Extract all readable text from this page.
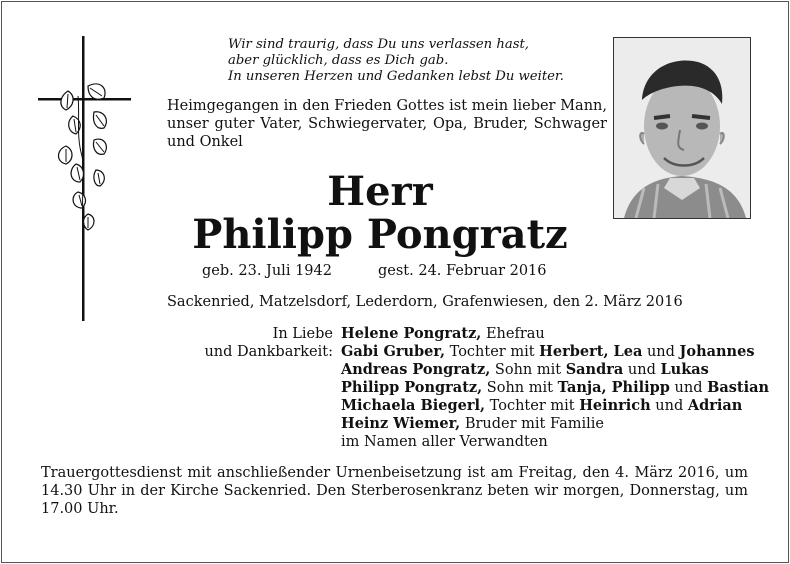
Wir sind traurig, dass Du uns verlassen hast,
aber glücklich, dass es Dich gab.
In unseren Herzen und Gedanken lebst Du weiter.
Heimgegangen in den Frieden Gottes ist mein lieber Mann, unser guter Vater, Schwiegervater, Opa, Bruder, Schwager und Onkel
Herr
Philipp Pongratz
geb. 23. Juli 1942	gest. 24. Februar 2016
Sackenried, Matzelsdorf, Lederdorn, Grafenwiesen, den 2. März 2016
In Liebe
und Dankbarkeit:
Helene Pongratz, Ehefrau
Gabi Gruber, Tochter mit Herbert, Lea und Johannes
Andreas Pongratz, Sohn mit Sandra und Lukas
Philipp Pongratz, Sohn mit Tanja, Philipp und Bastian
Michaela Biegerl, Tochter mit Heinrich und Adrian
Heinz Wiemer, Bruder mit Familie
im Namen aller Verwandten
Trauergottesdienst mit anschließender Urnenbeisetzung ist am Freitag, den 4. März 2016, um 14.30 Uhr in der Kirche Sackenried. Den Sterberosenkranz beten wir morgen, Donnerstag, um 17.00 Uhr.
